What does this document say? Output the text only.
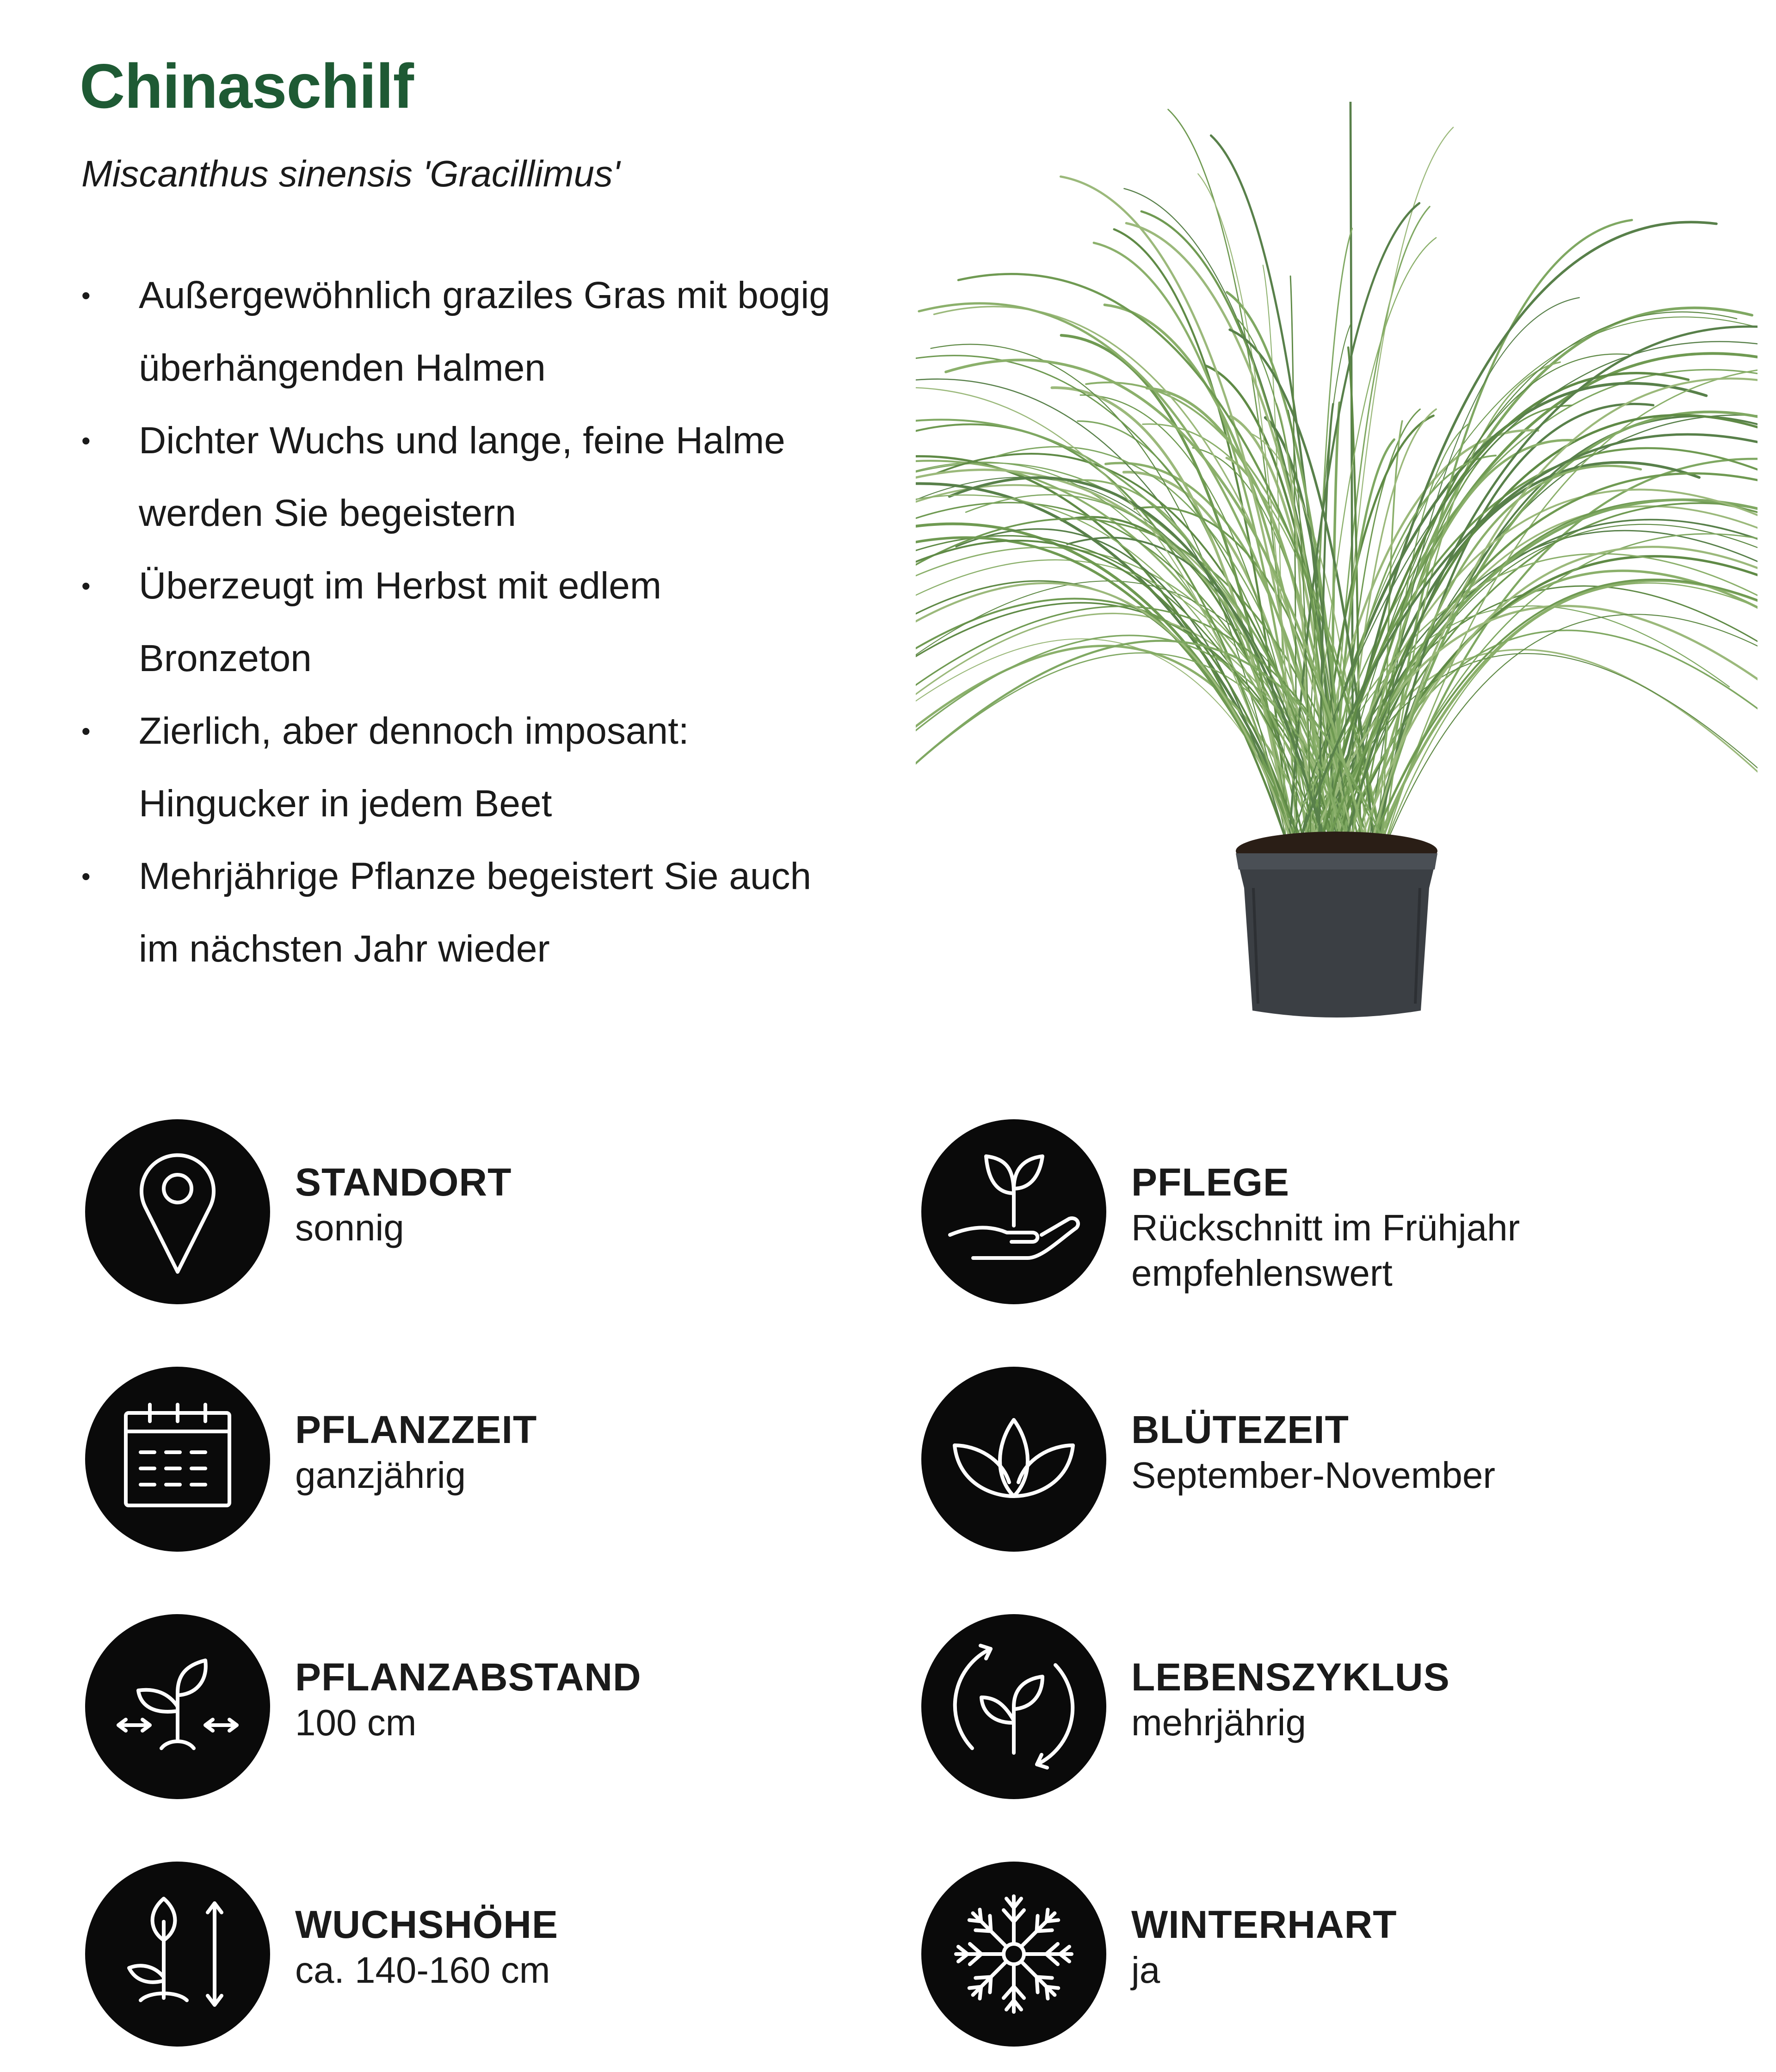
Chinaschilf

Miscanthus sinensis 'Gracillimus'

• Außergewöhnlich graziles Gras mit bogig
überhängenden Halmen
• Dichter Wuchs und lange, feine Halme
werden Sie begeistern
• Überzeugt im Herbst mit edlem
Bronzeton
• Zierlich, aber dennoch imposant:
Hingucker in jedem Beet
• Mehrjährige Pflanze begeistert Sie auch
im nächsten Jahr wieder
STANDORT
sonnig
PFLEGE
Rückschnitt im Frühjahr
empfehlenswert
PFLANZZEIT
ganzjährig
BLÜTEZEIT
September-November
PFLANZABSTAND
100 cm
LEBENSZYKLUS
mehrjährig
WUCHSHÖHE
ca. 140-160 cm
WINTERHART
ja
